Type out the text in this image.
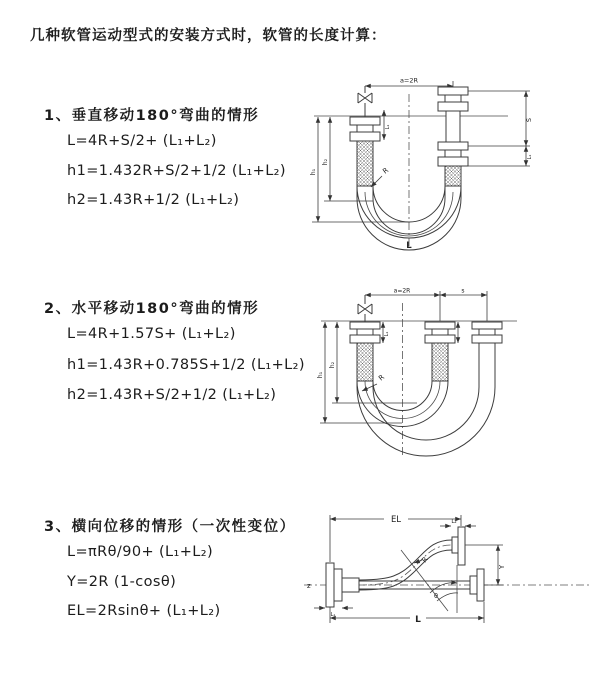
几种软管运动型式的安装方式时，软管的长度计算：
1、垂直移动180°弯曲的情形
L=4R+S/2+ (L₁+L₂)
h1=1.432R+S/2+1/2 (L₁+L₂)
h2=1.43R+1/2 (L₁+L₂)
2、水平移动180°弯曲的情形
L=4R+1.57S+ (L₁+L₂)
h1=1.43R+0.785S+1/2 (L₁+L₂)
h2=1.43R+S/2+1/2 (L₁+L₂)
3、横向位移的情形（一次性变位）
L=πRθ/90+ (L₁+L₂)
Y=2R (1-cosθ)
EL=2Rsinθ+ (L₁+L₂)
a=2R
R
h₁
h₂
L₁
S
L₁
L
a=2R	s
R
h₁
h₂
L₁
z
EL	L₂
Y
θ
R
L
L₁
